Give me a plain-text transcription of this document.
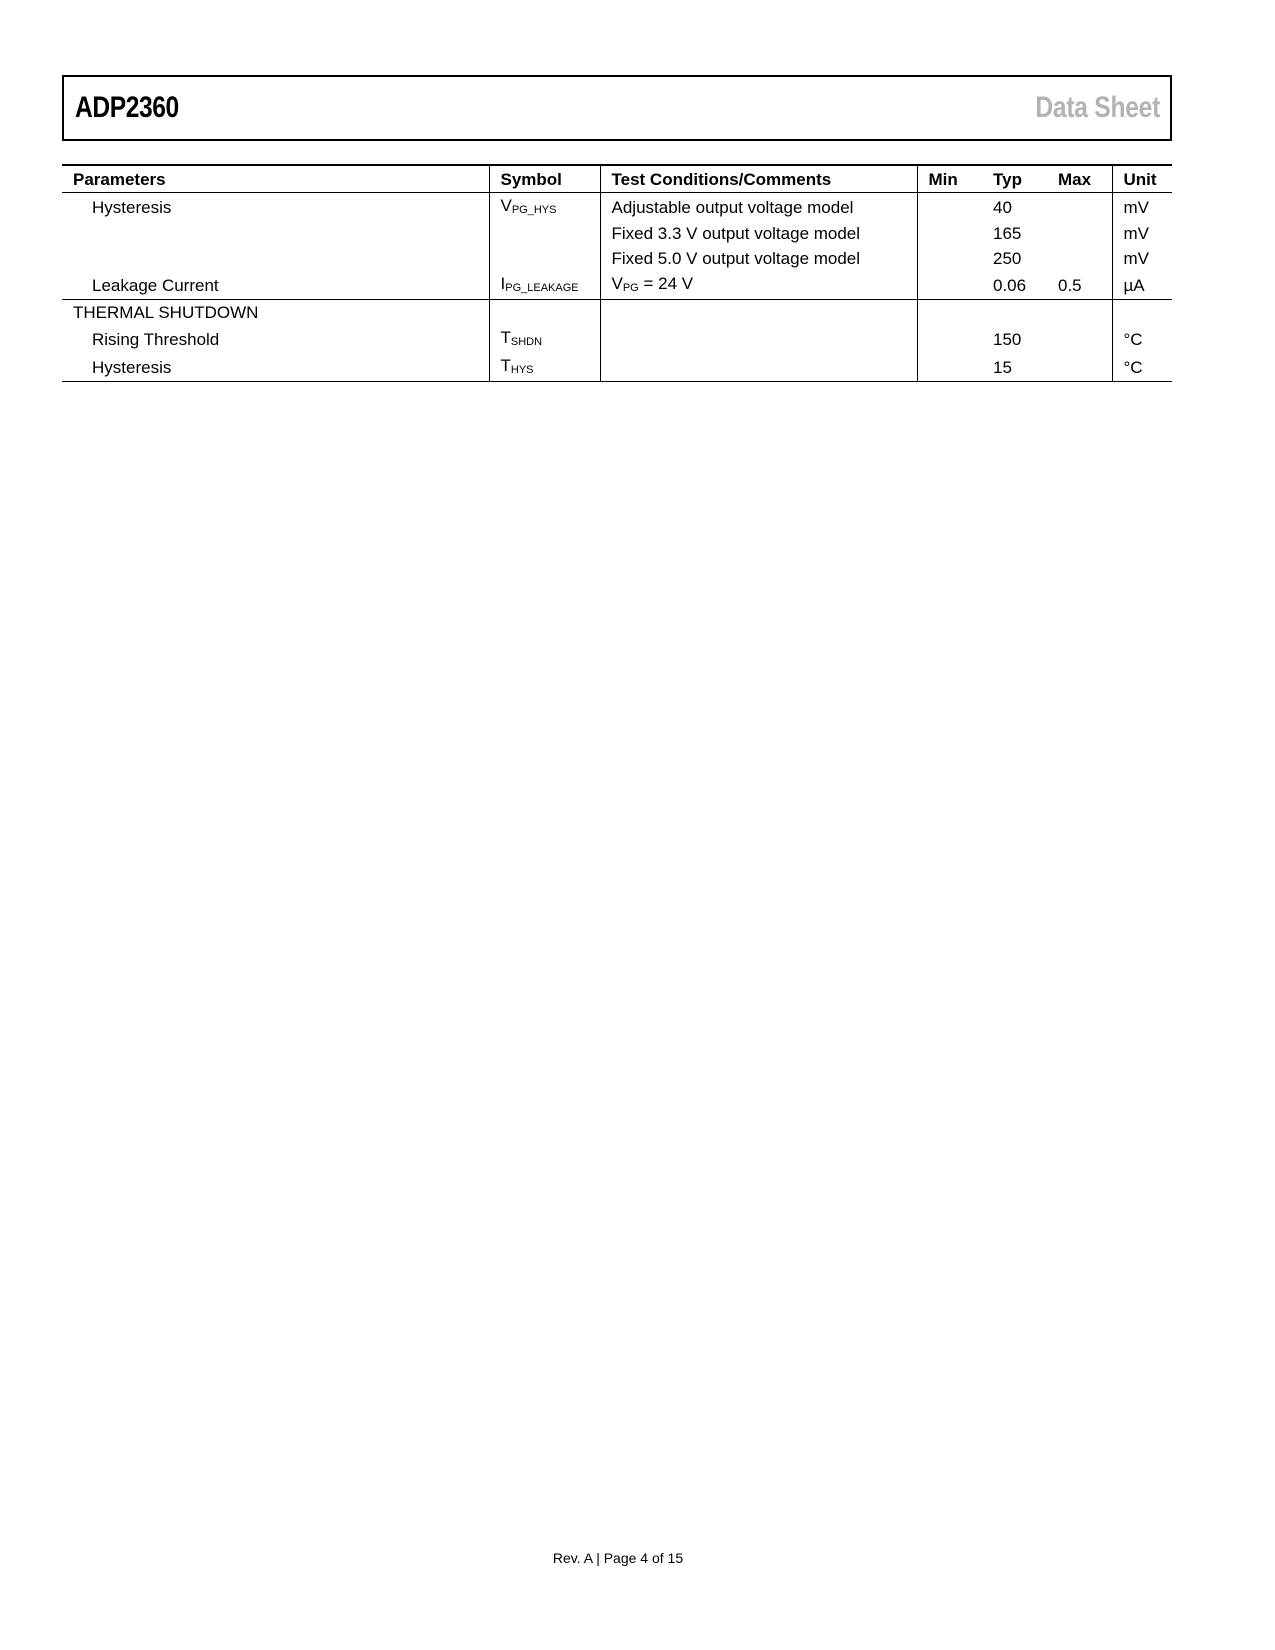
ADP2360	Data Sheet
Parameters	Symbol	Test Conditions/Comments	Min	Typ	Max	Unit
Hysteresis	$V_{PG\_HYS}$	Adjustable output voltage model		40		mV
		Fixed 3.3 V output voltage model		165		mV
		Fixed 5.0 V output voltage model		250		mV
Leakage Current	$I_{PG\_LEAKAGE}$	$V_{PG} = 24$ V		0.06	0.5	µA
THERMAL SHUTDOWN						
Rising Threshold	$T_{SHDN}$			150		°C
Hysteresis	$T_{HYS}$			15		°C
Rev. A | Page 4 of 15
